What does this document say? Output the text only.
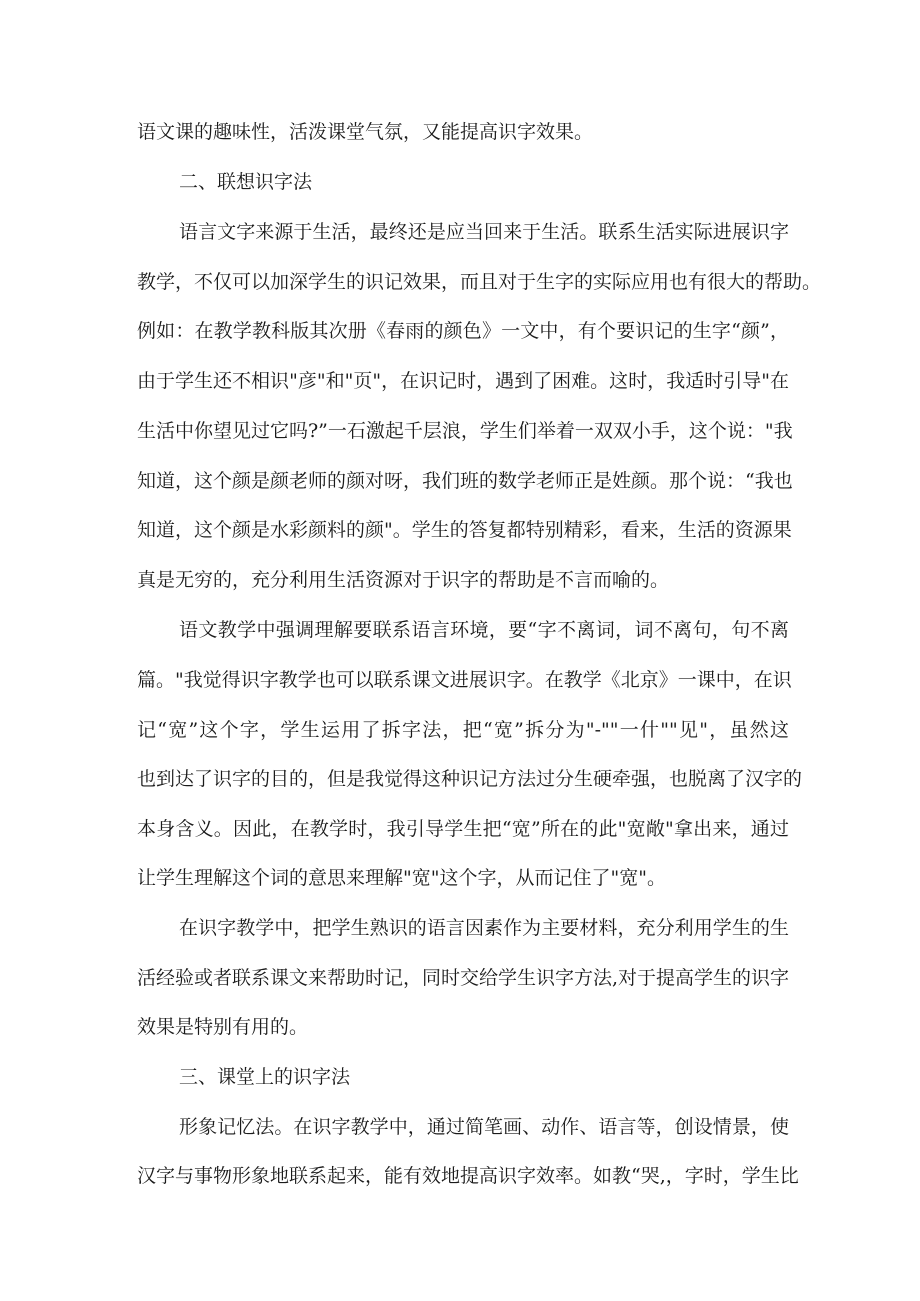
语文课的趣味性，活泼课堂气氛，又能提高识字效果。
二、联想识字法
语言文字来源于生活，最终还是应当回来于生活。联系生活实际进展识字
教学，不仅可以加深学生的识记效果，而且对于生字的实际应用也有很大的帮助。
例如：在教学教科版其次册《春雨的颜色》一文中，有个要识记的生字“颜”，
由于学生还不相识"彦"和"页"，在识记时，遇到了困难。这时，我适时引导"在
生活中你望见过它吗?”一石激起千层浪，学生们举着一双双小手，这个说："我
知道，这个颜是颜老师的颜对呀，我们班的数学老师正是姓颜。那个说：“我也
知道，这个颜是水彩颜料的颜"。学生的答复都特别精彩，看来，生活的资源果
真是无穷的，充分利用生活资源对于识字的帮助是不言而喻的。
语文教学中强调理解要联系语言环境，要“字不离词，词不离句，句不离
篇。"我觉得识字教学也可以联系课文进展识字。在教学《北京》一课中，在识
记“宽”这个字，学生运用了拆字法，把“宽”拆分为"-""一什""见"，虽然这
也到达了识字的目的，但是我觉得这种识记方法过分生硬牵强，也脱离了汉字的
本身含义。因此，在教学时，我引导学生把“宽”所在的此"宽敞"拿出来，通过
让学生理解这个词的意思来理解"宽"这个字，从而记住了"宽"。
在识字教学中，把学生熟识的语言因素作为主要材料，充分利用学生的生
活经验或者联系课文来帮助时记，同时交给学生识字方法,对于提高学生的识字
效果是特别有用的。
三、课堂上的识字法
形象记忆法。在识字教学中，通过简笔画、动作、语言等，创设情景，使
汉字与事物形象地联系起来，能有效地提高识字效率。如教“哭,，字时，学生比
